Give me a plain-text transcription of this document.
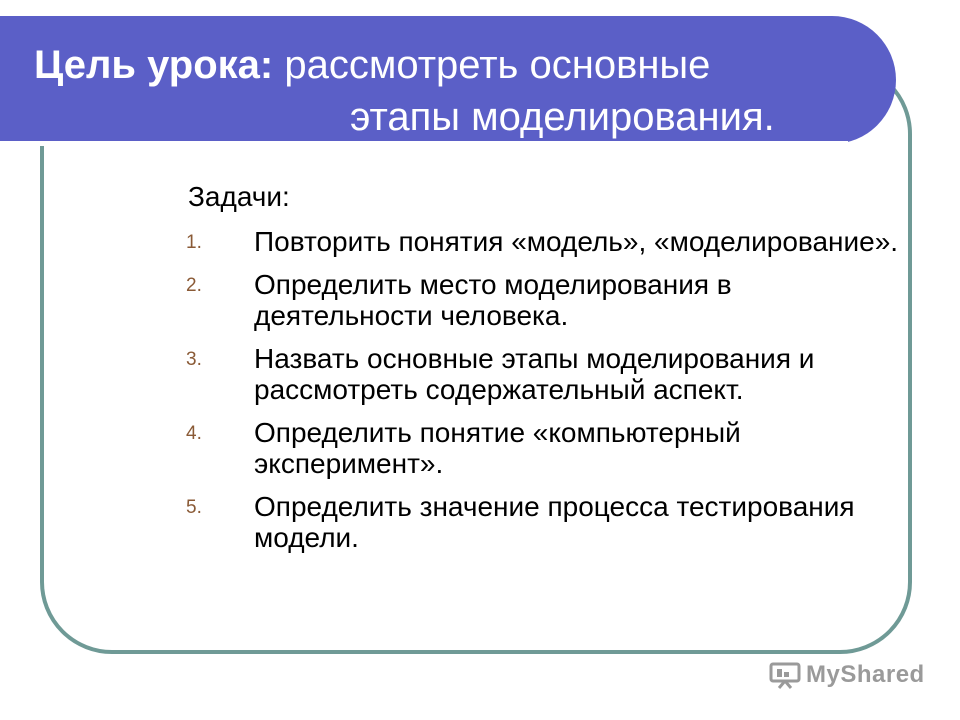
Цель урока: рассмотреть основные
этапы моделирования.
Задачи:
1. Повторить понятия «модель», «моделирование».
2. Определить место моделирования в деятельности человека.
3. Назвать основные этапы моделирования и рассмотреть содержательный аспект.
4. Определить понятие «компьютерный эксперимент».
5. Определить значение процесса тестирования модели.
MyShared
